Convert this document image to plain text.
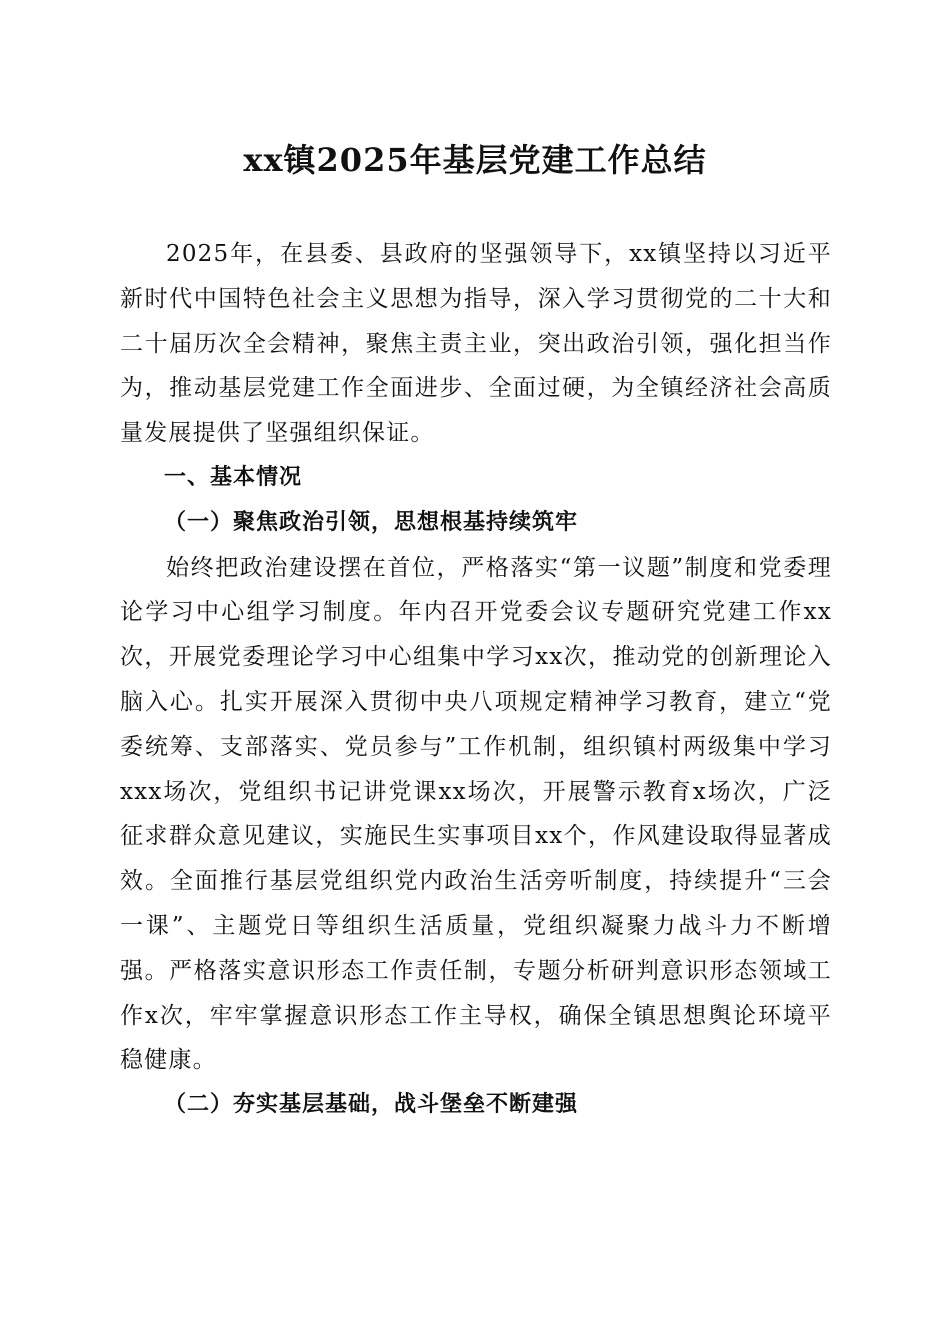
xx镇2025年基层党建工作总结

2025年，在县委、县政府的坚强领导下，xx镇坚持以习近平新时代中国特色社会主义思想为指导，深入学习贯彻党的二十大和二十届历次全会精神，聚焦主责主业，突出政治引领，强化担当作为，推动基层党建工作全面进步、全面过硬，为全镇经济社会高质量发展提供了坚强组织保证。

一、基本情况

（一）聚焦政治引领，思想根基持续筑牢

始终把政治建设摆在首位，严格落实“第一议题”制度和党委理论学习中心组学习制度。年内召开党委会议专题研究党建工作xx次，开展党委理论学习中心组集中学习xx次，推动党的创新理论入脑入心。扎实开展深入贯彻中央八项规定精神学习教育，建立“党委统筹、支部落实、党员参与”工作机制，组织镇村两级集中学习xxx场次，党组织书记讲党课xx场次，开展警示教育x场次，广泛征求群众意见建议，实施民生实事项目xx个，作风建设取得显著成效。全面推行基层党组织党内政治生活旁听制度，持续提升“三会一课”、主题党日等组织生活质量，党组织凝聚力战斗力不断增强。严格落实意识形态工作责任制，专题分析研判意识形态领域工作x次，牢牢掌握意识形态工作主导权，确保全镇思想舆论环境平稳健康。

（二）夯实基层基础，战斗堡垒不断建强
